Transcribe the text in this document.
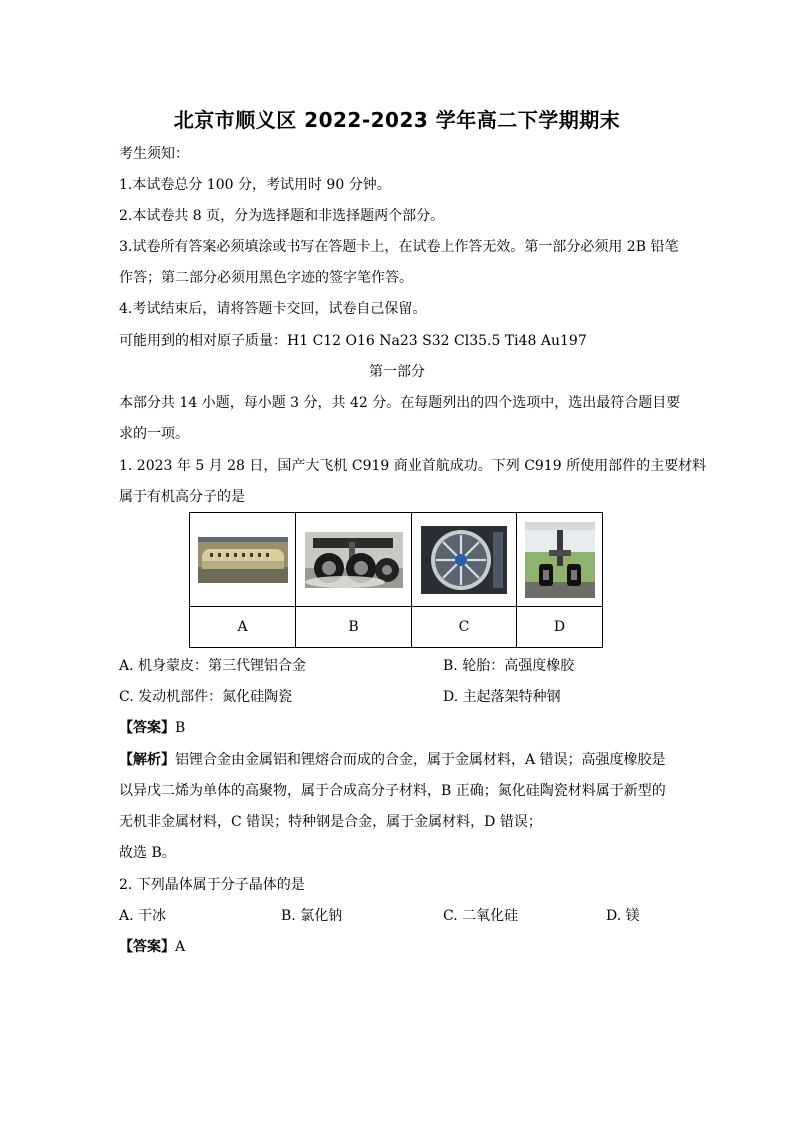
北京市顺义区 2022-2023 学年高二下学期期末
考生须知：
1.本试卷总分 100 分，考试用时 90 分钟。
2.本试卷共 8 页，分为选择题和非选择题两个部分。
3.试卷所有答案必须填涂或书写在答题卡上，在试卷上作答无效。第一部分必须用 2B 铅笔
作答；第二部分必须用黑色字迹的签字笔作答。
4.考试结束后，请将答题卡交回，试卷自己保留。
可能用到的相对原子质量：H1 C12 O16 Na23 S32 Cl35.5 Ti48 Au197
第一部分
本部分共 14 小题，每小题 3 分，共 42 分。在每题列出的四个选项中，选出最符合题目要
求的一项。
1. 2023 年 5 月 28 日，国产大飞机 C919 商业首航成功。下列 C919 所使用部件的主要材料
属于有机高分子的是

A	B	C	D
A. 机身蒙皮：第三代锂铝合金	B. 轮胎：高强度橡胶
C. 发动机部件：氮化硅陶瓷	D. 主起落架特种钢
【答案】B
【解析】铝锂合金由金属铝和锂熔合而成的合金，属于金属材料，A 错误；高强度橡胶是
以异戊二烯为单体的高聚物，属于合成高分子材料，B 正确；氮化硅陶瓷材料属于新型的
无机非金属材料，C 错误；特种钢是合金，属于金属材料，D 错误；
故选 B。
2. 下列晶体属于分子晶体的是
A. 干冰	B. 氯化钠	C. 二氧化硅	D. 镁
【答案】A
